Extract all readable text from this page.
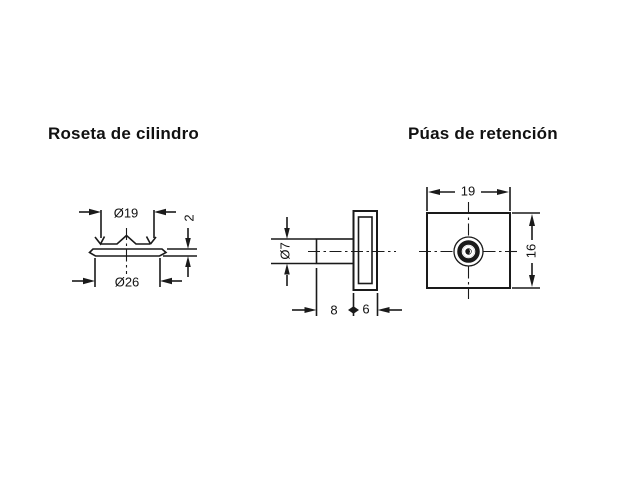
Roseta de cilindro	Púas de retención
Ø19	2
Ø26
Ø7
8 6
19
16
